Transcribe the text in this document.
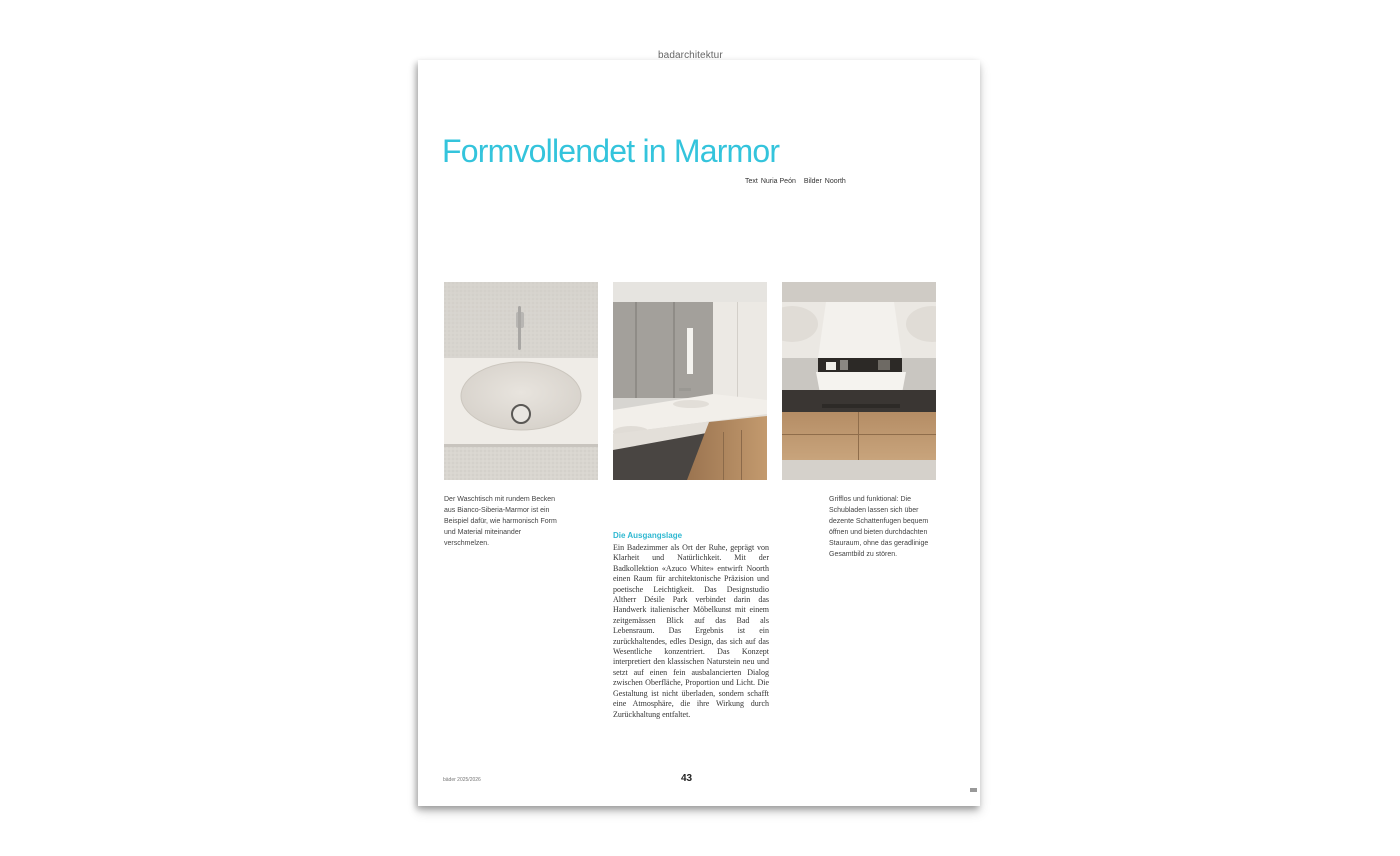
badarchitektur
Formvollendet in Marmor
Text Nuria Peón Bilder Noorth
Der Waschtisch mit rundem Becken aus Bianco-Siberia-Marmor ist ein Beispiel dafür, wie harmonisch Form und Material miteinander verschmelzen.
Grifflos und funktional: Die Schubladen lassen sich über dezente Schattenfugen bequem öffnen und bieten durchdachten Stauraum, ohne das geradlinige Gesamtbild zu stören.
Die Ausgangslage
Ein Badezimmer als Ort der Ruhe, geprägt von Klarheit und Natürlichkeit. Mit der Badkollektion «Azuco White» entwirft Noorth einen Raum für architektonische Präzision und poetische Leichtigkeit. Das Designstudio Altherr Désile Park verbindet darin das Handwerk italienischer Möbelkunst mit einem zeitgemässen Blick auf das Bad als Lebensraum. Das Ergebnis ist ein zurückhaltendes, edles Design, das sich auf das Wesentliche konzentriert. Das Konzept interpretiert den klassischen Naturstein neu und setzt auf einen fein ausbalancierten Dialog zwischen Oberfläche, Proportion und Licht. Die Gestaltung ist nicht überladen, sondern schafft eine Atmosphäre, die ihre Wirkung durch Zurückhaltung entfaltet.
bäder 2025/2026	43
